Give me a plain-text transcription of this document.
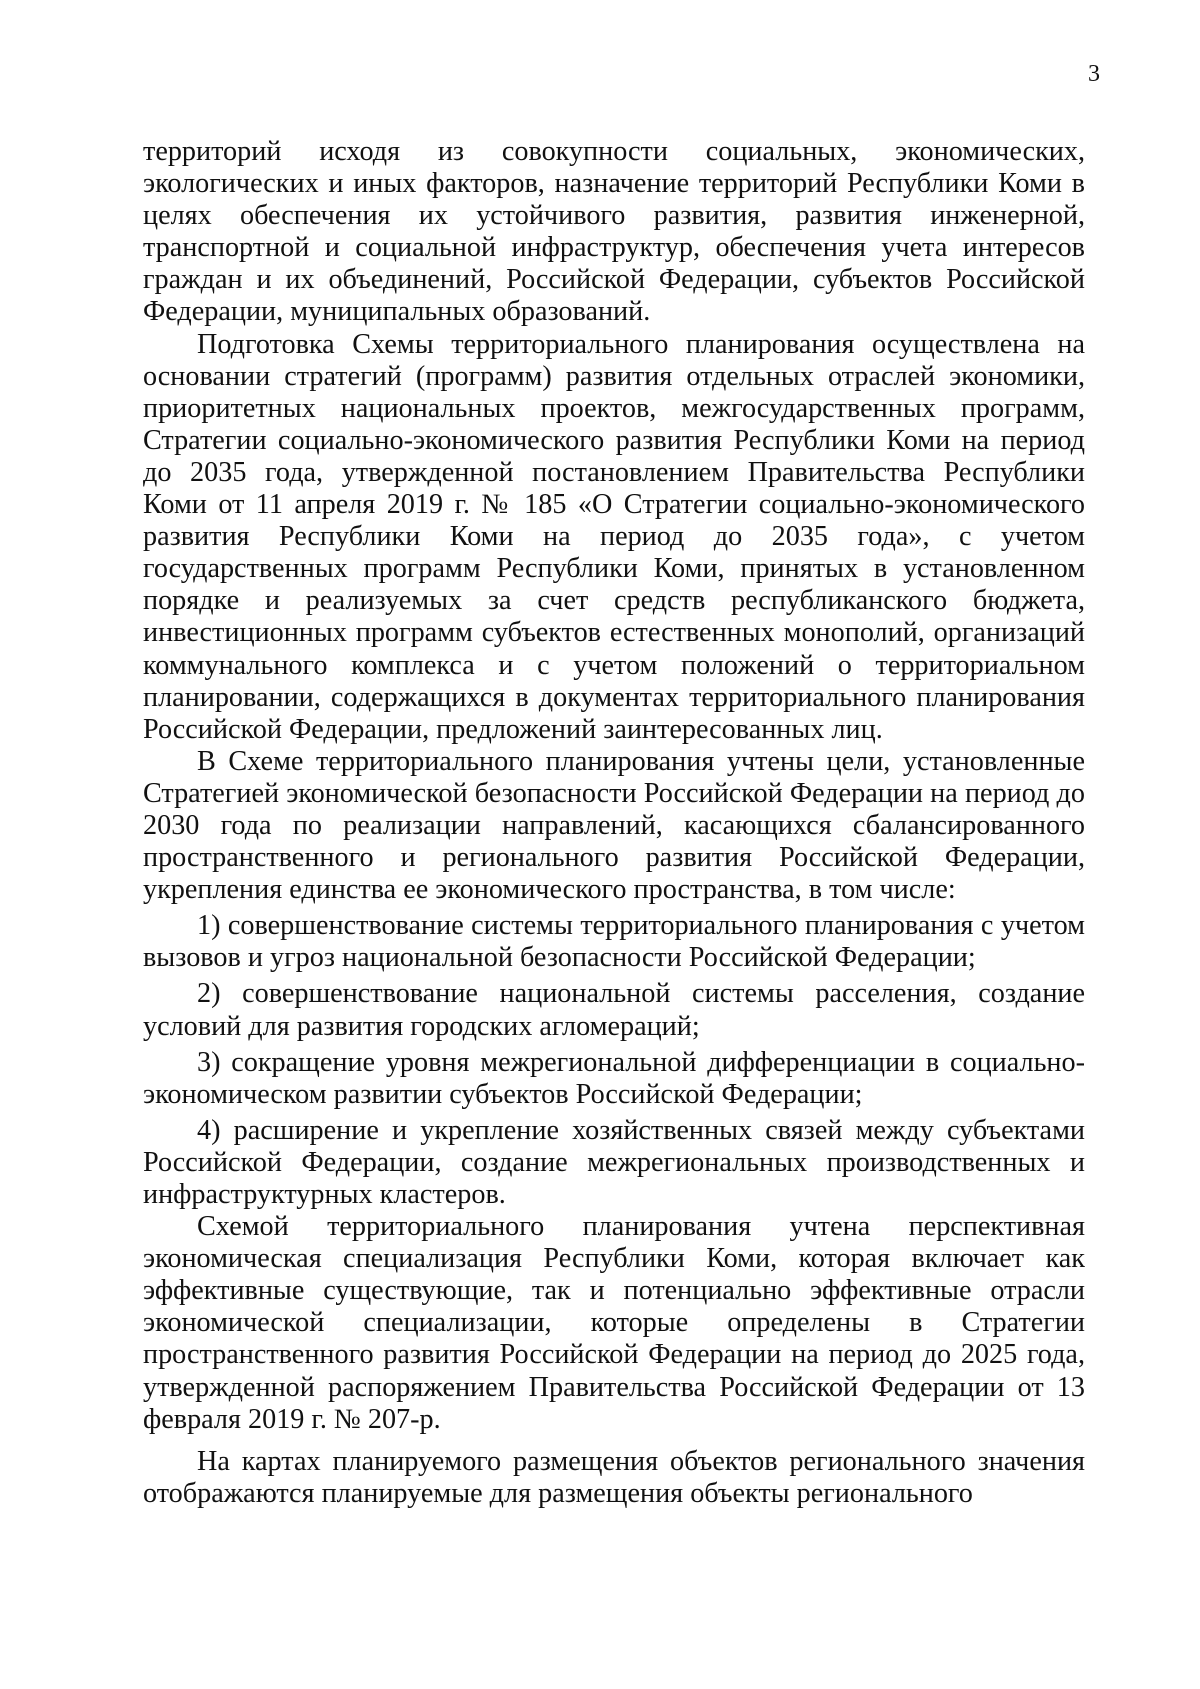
3

территорий исходя из совокупности социальных, экономических, экологических и иных факторов, назначение территорий Республики Коми в целях обеспечения их устойчивого развития, развития инженерной, транспортной и социальной инфраструктур, обеспечения учета интересов граждан и их объединений, Российской Федерации, субъектов Российской Федерации, муниципальных образований.

Подготовка Схемы территориального планирования осуществлена на основании стратегий (программ) развития отдельных отраслей экономики, приоритетных национальных проектов, межгосударственных программ, Стратегии социально-экономического развития Республики Коми на период до 2035 года, утвержденной постановлением Правительства Республики Коми от 11 апреля 2019 г. № 185 «О Стратегии социально-экономического развития Республики Коми на период до 2035 года», с учетом государственных программ Республики Коми, принятых в установленном порядке и реализуемых за счет средств республиканского бюджета, инвестиционных программ субъектов естественных монополий, организаций коммунального комплекса и с учетом положений о территориальном планировании, содержащихся в документах территориального планирования Российской Федерации, предложений заинтересованных лиц.

В Схеме территориального планирования учтены цели, установленные Стратегией экономической безопасности Российской Федерации на период до 2030 года по реализации направлений, касающихся сбалансированного пространственного и регионального развития Российской Федерации, укрепления единства ее экономического пространства, в том числе:

1) совершенствование системы территориального планирования с учетом вызовов и угроз национальной безопасности Российской Федерации;

2) совершенствование национальной системы расселения, создание условий для развития городских агломераций;

3) сокращение уровня межрегиональной дифференциации в социально-экономическом развитии субъектов Российской Федерации;

4) расширение и укрепление хозяйственных связей между субъектами Российской Федерации, создание межрегиональных производственных и инфраструктурных кластеров.

Схемой территориального планирования учтена перспективная экономическая специализация Республики Коми, которая включает как эффективные существующие, так и потенциально эффективные отрасли экономической специализации, которые определены в Стратегии пространственного развития Российской Федерации на период до 2025 года, утвержденной распоряжением Правительства Российской Федерации от 13 февраля 2019 г. № 207-р.

На картах планируемого размещения объектов регионального значения отображаются планируемые для размещения объекты регионального
